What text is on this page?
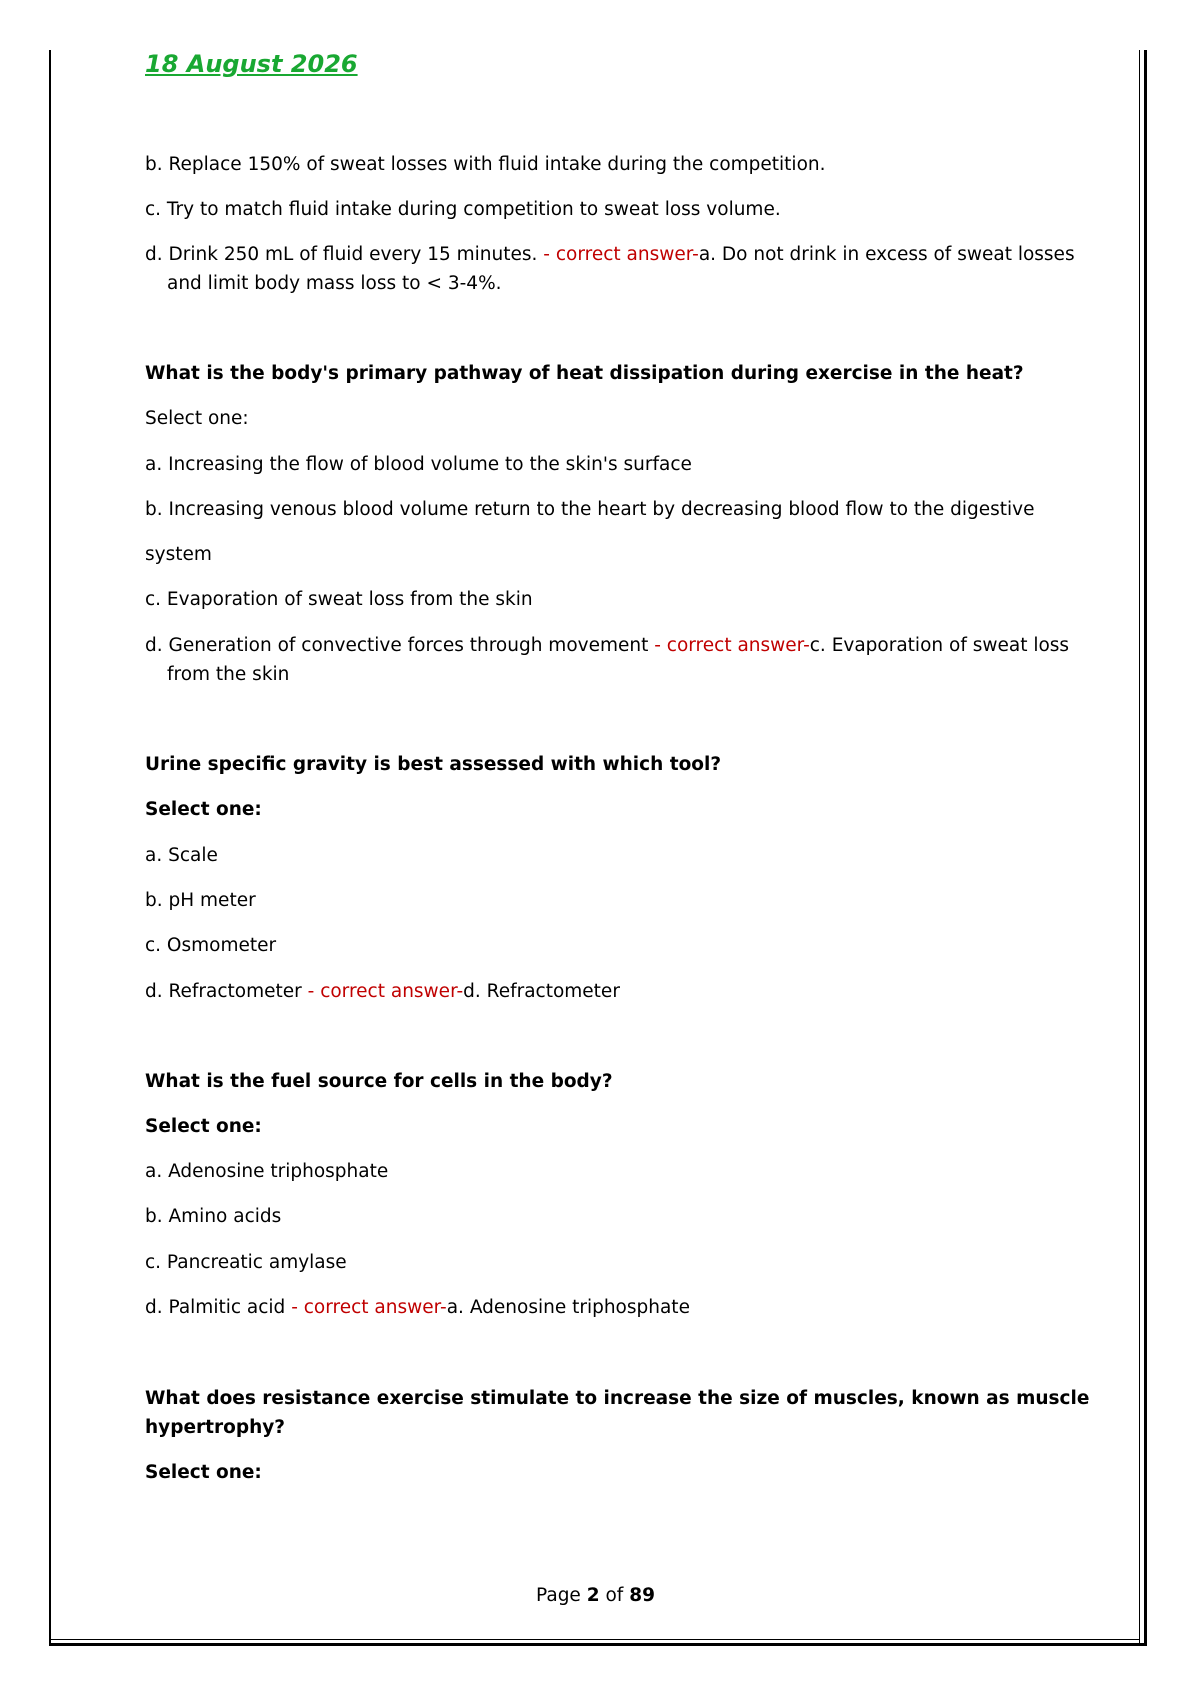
18 August 2026
b. Replace 150% of sweat losses with fluid intake during the competition.
c. Try to match fluid intake during competition to sweat loss volume.
d. Drink 250 mL of fluid every 15 minutes. - correct answer-a. Do not drink in excess of sweat losses
and limit body mass loss to < 3-4%.
What is the body's primary pathway of heat dissipation during exercise in the heat?
Select one:
a. Increasing the flow of blood volume to the skin's surface
b. Increasing venous blood volume return to the heart by decreasing blood flow to the digestive
system
c. Evaporation of sweat loss from the skin
d. Generation of convective forces through movement - correct answer-c. Evaporation of sweat loss
from the skin
Urine specific gravity is best assessed with which tool?
Select one:
a. Scale
b. pH meter
c. Osmometer
d. Refractometer - correct answer-d. Refractometer
What is the fuel source for cells in the body?
Select one:
a. Adenosine triphosphate
b. Amino acids
c. Pancreatic amylase
d. Palmitic acid - correct answer-a. Adenosine triphosphate
What does resistance exercise stimulate to increase the size of muscles, known as muscle
hypertrophy?
Select one:
Page 2 of 89
